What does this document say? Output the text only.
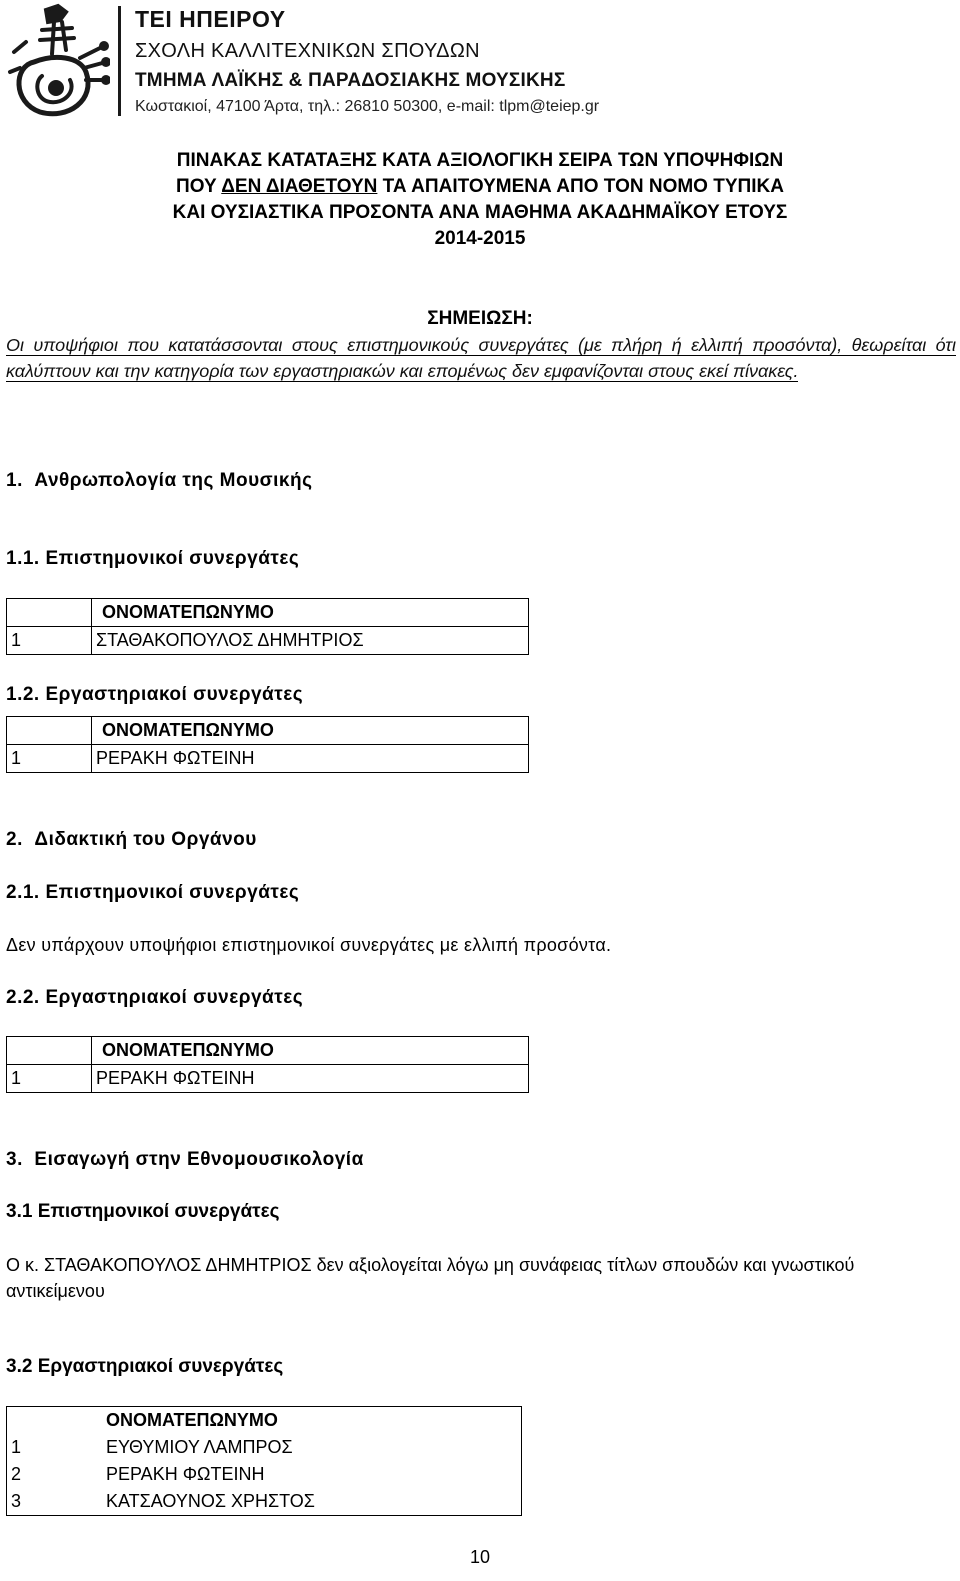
ΤΕΙ ΗΠΕΙΡΟΥ
ΣΧΟΛΗ ΚΑΛΛΙΤΕΧΝΙΚΩΝ ΣΠΟΥΔΩΝ
ΤΜΗΜΑ ΛΑΪΚΗΣ & ΠΑΡΑΔΟΣΙΑΚΗΣ ΜΟΥΣΙΚΗΣ
Κωστακιοί, 47100 Άρτα, τηλ.: 26810 50300, e-mail: tlpm@teiep.gr
ΠΙΝΑΚΑΣ ΚΑΤΑΤΑΞΗΣ ΚΑΤΑ ΑΞΙΟΛΟΓΙΚΗ ΣΕΙΡΑ ΤΩΝ ΥΠΟΨΗΦΙΩΝ
ΠΟΥ ΔΕΝ ΔΙΑΘΕΤΟΥΝ ΤΑ ΑΠΑΙΤΟΥΜΕΝΑ ΑΠΟ ΤΟΝ ΝΟΜΟ ΤΥΠΙΚΑ
ΚΑΙ ΟΥΣΙΑΣΤΙΚΑ ΠΡΟΣΟΝΤΑ ΑΝΑ ΜΑΘΗΜΑ ΑΚΑΔΗΜΑΪΚΟΥ ΕΤΟΥΣ
2014-2015
ΣΗΜΕΙΩΣΗ:
Οι υποψήφιοι που κατατάσσονται στους επιστημονικούς συνεργάτες (με πλήρη ή ελλιπή προσόντα), θεωρείται ότι καλύπτουν και την κατηγορία των εργαστηριακών και επομένως δεν εμφανίζονται στους εκεί πίνακες.
1. Ανθρωπολογία της Μουσικής
1.1. Επιστημονικοί συνεργάτες
	ΟΝΟΜΑΤΕΠΩΝΥΜΟ
1	ΣΤΑΘΑΚΟΠΟΥΛΟΣ ΔΗΜΗΤΡΙΟΣ
1.2. Εργαστηριακοί συνεργάτες
	ΟΝΟΜΑΤΕΠΩΝΥΜΟ
1	ΡΕΡΑΚΗ ΦΩΤΕΙΝΗ
2. Διδακτική του Οργάνου
2.1. Επιστημονικοί συνεργάτες
Δεν υπάρχουν υποψήφιοι επιστημονικοί συνεργάτες με ελλιπή προσόντα.
2.2. Εργαστηριακοί συνεργάτες
	ΟΝΟΜΑΤΕΠΩΝΥΜΟ
1	ΡΕΡΑΚΗ ΦΩΤΕΙΝΗ
3. Εισαγωγή στην Εθνομουσικολογία
3.1 Επιστημονικοί συνεργάτες
Ο κ. ΣΤΑΘΑΚΟΠΟΥΛΟΣ ΔΗΜΗΤΡΙΟΣ δεν αξιολογείται λόγω μη συνάφειας τίτλων σπουδών και γνωστικού αντικείμενου
3.2 Εργαστηριακοί συνεργάτες
	ΟΝΟΜΑΤΕΠΩΝΥΜΟ
1	ΕΥΘΥΜΙΟΥ ΛΑΜΠΡΟΣ
2	ΡΕΡΑΚΗ ΦΩΤΕΙΝΗ
3	ΚΑΤΣΑΟΥΝΟΣ ΧΡΗΣΤΟΣ
10
